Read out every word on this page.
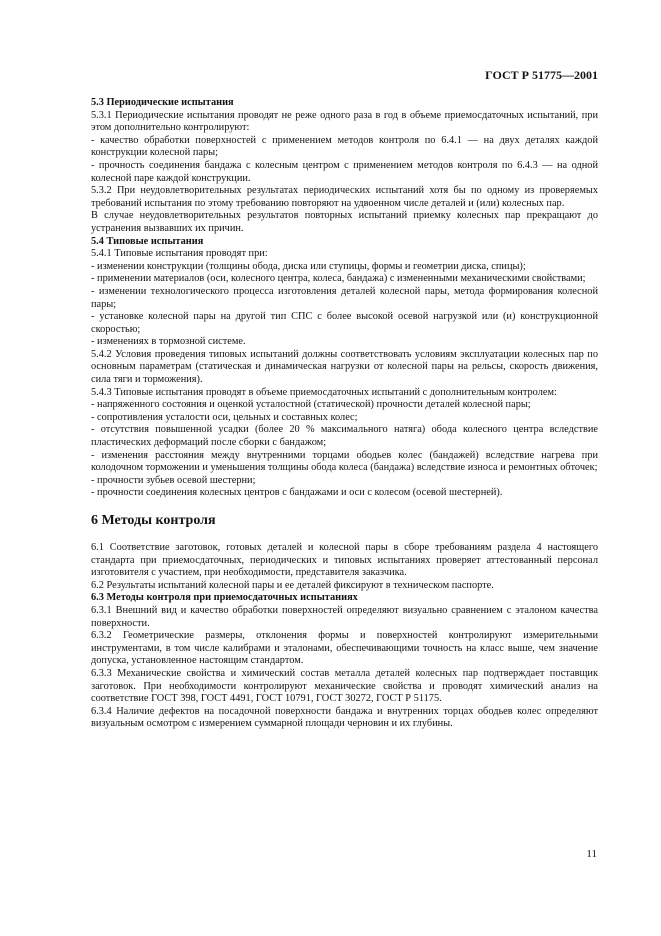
ГОСТ Р 51775—2001

5.3 Периодические испытания

5.3.1 Периодические испытания проводят не реже одного раза в год в объеме приемосдаточных испытаний, при этом дополнительно контролируют:

- качество обработки поверхностей с применением методов контроля по 6.4.1 — на двух деталях каждой конструкции колесной пары;

- прочность соединения бандажа с колесным центром с применением методов контроля по 6.4.3 — на одной колесной паре каждой конструкции.

5.3.2 При неудовлетворительных результатах периодических испытаний хотя бы по одному из проверяемых требований испытания по этому требованию повторяют на удвоенном числе деталей и (или) колесных пар.

В случае неудовлетворительных результатов повторных испытаний приемку колесных пар прекращают до устранения вызвавших их причин.

5.4 Типовые испытания

5.4.1 Типовые испытания проводят при:

- изменении конструкции (толщины обода, диска или ступицы, формы и геометрии диска, спицы);

- применении материалов (оси, колесного центра, колеса, бандажа) с измененными механическими свойствами;

- изменении технологического процесса изготовления деталей колесной пары, метода формирования колесной пары;

- установке колесной пары на другой тип СПС с более высокой осевой нагрузкой или (и) конструкционной скоростью;

- изменениях в тормозной системе.

5.4.2 Условия проведения типовых испытаний должны соответствовать условиям эксплуатации колесных пар по основным параметрам (статическая и динамическая нагрузки от колесной пары на рельсы, скорость движения, сила тяги и торможения).

5.4.3 Типовые испытания проводят в объеме приемосдаточных испытаний с дополнительным контролем:

- напряженного состояния и оценкой усталостной (статической) прочности деталей колесной пары;

- сопротивления усталости оси, цельных и составных колес;

- отсутствия повышенной усадки (более 20 % максимального натяга) обода колесного центра вследствие пластических деформаций после сборки с бандажом;

- изменения расстояния между внутренними торцами ободьев колес (бандажей) вследствие нагрева при колодочном торможении и уменьшения толщины обода колеса (бандажа) вследствие износа и ремонтных обточек;

- прочности зубьев осевой шестерни;

- прочности соединения колесных центров с бандажами и оси с колесом (осевой шестерней).

6 Методы контроля

6.1 Соответствие заготовок, готовых деталей и колесной пары в сборе требованиям раздела 4 настоящего стандарта при приемосдаточных, периодических и типовых испытаниях проверяет аттестованный персонал изготовителя с участием, при необходимости, представителя заказчика.

6.2 Результаты испытаний колесной пары и ее деталей фиксируют в техническом паспорте.

6.3 Методы контроля при приемосдаточных испытаниях

6.3.1 Внешний вид и качество обработки поверхностей определяют визуально сравнением с эталоном качества поверхности.

6.3.2 Геометрические размеры, отклонения формы и поверхностей контролируют измерительными инструментами, в том числе калибрами и эталонами, обеспечивающими точность на класс выше, чем значение допуска, установленное настоящим стандартом.

6.3.3 Механические свойства и химический состав металла деталей колесных пар подтверждает поставщик заготовок. При необходимости контролируют механические свойства и проводят химический анализ на соответствие ГОСТ 398, ГОСТ 4491, ГОСТ 10791, ГОСТ 30272, ГОСТ Р 51175.

6.3.4 Наличие дефектов на посадочной поверхности бандажа и внутренних торцах ободьев колес определяют визуальным осмотром с измерением суммарной площади черновин и их глубины.

11
